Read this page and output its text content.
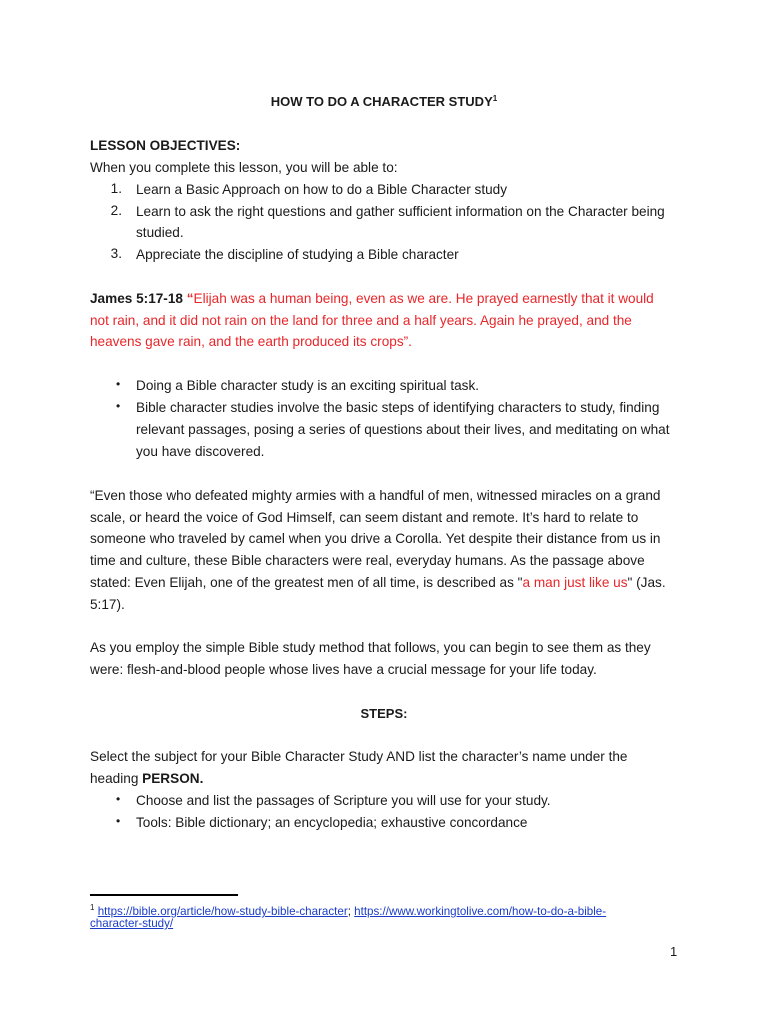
HOW TO DO A CHARACTER STUDY$^1$
LESSON OBJECTIVES:
When you complete this lesson, you will be able to:
1. Learn a Basic Approach on how to do a Bible Character study
2. Learn to ask the right questions and gather sufficient information on the Character being
studied.
3. Appreciate the discipline of studying a Bible character
James 5:17-18 “Elijah was a human being, even as we are. He prayed earnestly that it would
not rain, and it did not rain on the land for three and a half years. Again he prayed, and the
heavens gave rain, and the earth produced its crops”.
• Doing a Bible character study is an exciting spiritual task.
• Bible character studies involve the basic steps of identifying characters to study, finding
relevant passages, posing a series of questions about their lives, and meditating on what
you have discovered.
“Even those who defeated mighty armies with a handful of men, witnessed miracles on a grand
scale, or heard the voice of God Himself, can seem distant and remote. It’s hard to relate to
someone who traveled by camel when you drive a Corolla. Yet despite their distance from us in
time and culture, these Bible characters were real, everyday humans. As the passage above
stated: Even Elijah, one of the greatest men of all time, is described as "a man just like us" (Jas.
5:17).
As you employ the simple Bible study method that follows, you can begin to see them as they
were: flesh-and-blood people whose lives have a crucial message for your life today.
STEPS:
Select the subject for your Bible Character Study AND list the character’s name under the
heading PERSON.
• Choose and list the passages of Scripture you will use for your study.
• Tools: Bible dictionary; an encyclopedia; exhaustive concordance
$^1$ https://bible.org/article/how-study-bible-character; https://www.workingtolive.com/how-to-do-a-bible-
character-study/
1
